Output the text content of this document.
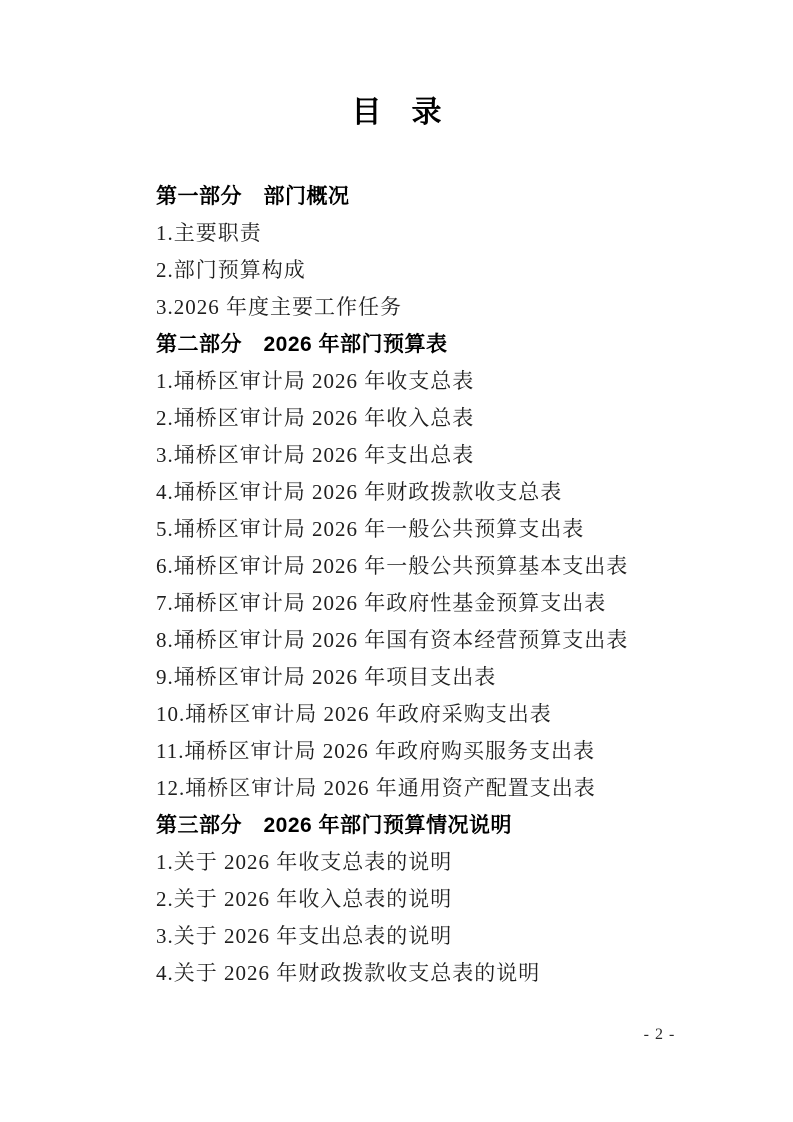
目　录
第一部分　部门概况
1.主要职责
2.部门预算构成
3.2026 年度主要工作任务
第二部分　2026 年部门预算表
1.埇桥区审计局 2026 年收支总表
2.埇桥区审计局 2026 年收入总表
3.埇桥区审计局 2026 年支出总表
4.埇桥区审计局 2026 年财政拨款收支总表
5.埇桥区审计局 2026 年一般公共预算支出表
6.埇桥区审计局 2026 年一般公共预算基本支出表
7.埇桥区审计局 2026 年政府性基金预算支出表
8.埇桥区审计局 2026 年国有资本经营预算支出表
9.埇桥区审计局 2026 年项目支出表
10.埇桥区审计局 2026 年政府采购支出表
11.埇桥区审计局 2026 年政府购买服务支出表
12.埇桥区审计局 2026 年通用资产配置支出表
第三部分　2026 年部门预算情况说明
1.关于 2026 年收支总表的说明
2.关于 2026 年收入总表的说明
3.关于 2026 年支出总表的说明
4.关于 2026 年财政拨款收支总表的说明
- 2 -
